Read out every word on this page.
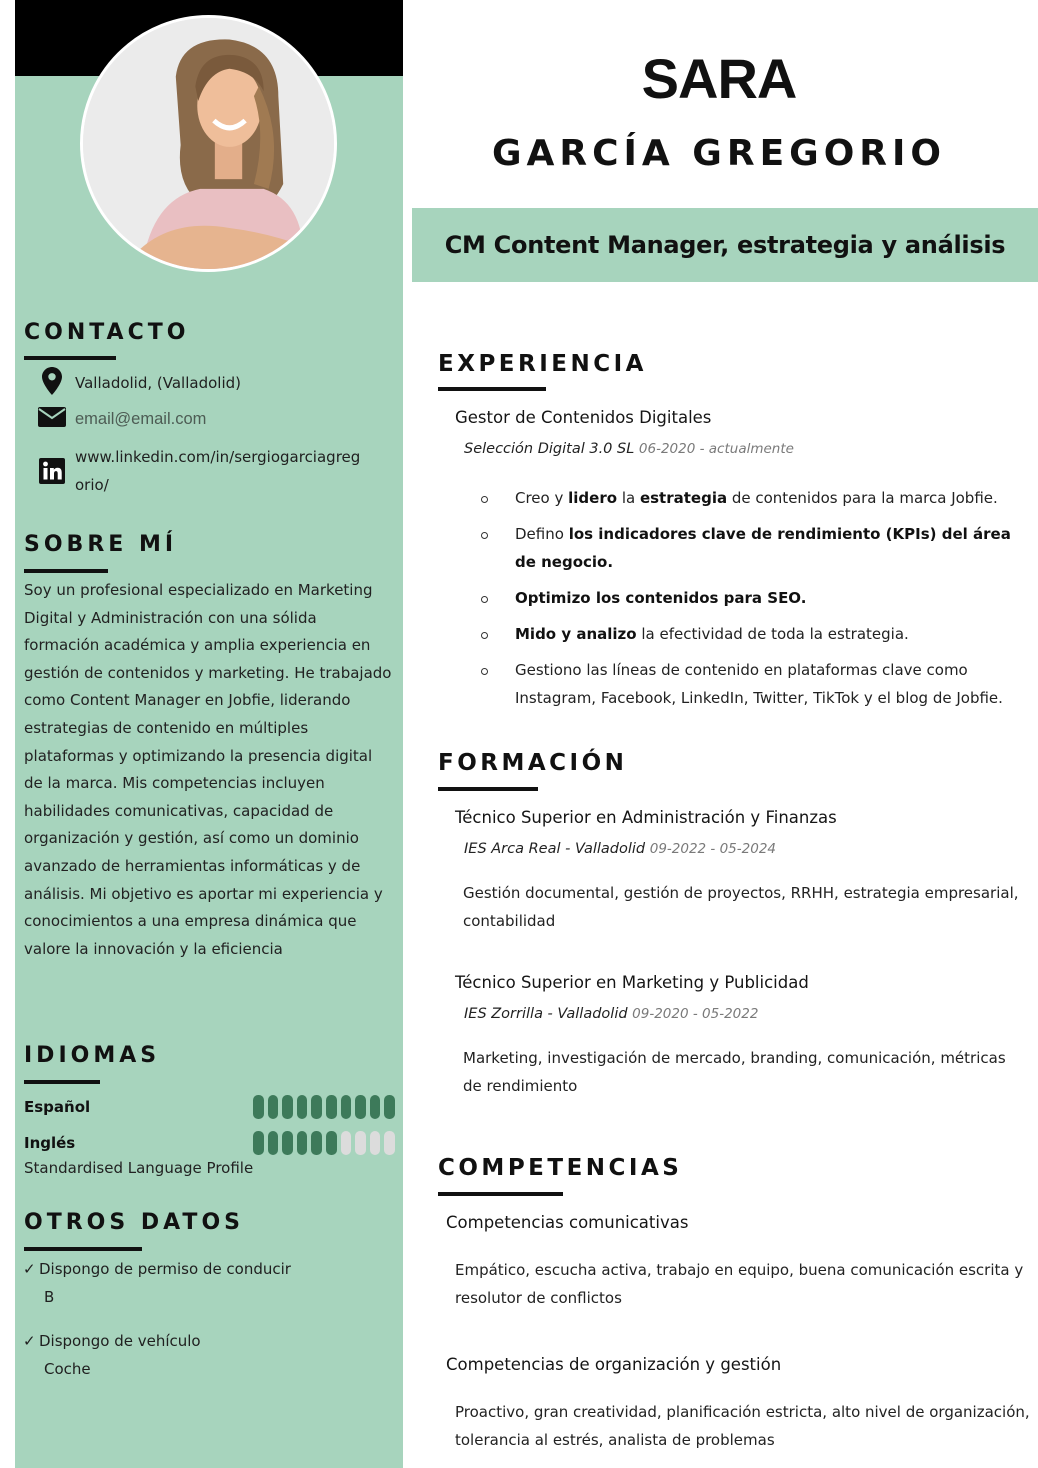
CONTACTO
Valladolid, (Valladolid)
email@email.com
www.linkedin.com/in/sergiogarciagreg
orio/
SOBRE MÍ
Soy un profesional especializado en Marketing Digital y Administración con una sólida formación académica y amplia experiencia en gestión de contenidos y marketing. He trabajado como Content Manager en Jobfie, liderando estrategias de contenido en múltiples plataformas y optimizando la presencia digital de la marca. Mis competencias incluyen habilidades comunicativas, capacidad de organización y gestión, así como un dominio avanzado de herramientas informáticas y de análisis. Mi objetivo es aportar mi experiencia y conocimientos a una empresa dinámica que valore la innovación y la eficiencia
IDIOMAS
Español
Inglés
Standardised Language Profile
OTROS DATOS
✓ Dispongo de permiso de conducir
B
✓ Dispongo de vehículo
Coche
SARA
GARCÍA GREGORIO
CM Content Manager, estrategia y análisis
EXPERIENCIA
Gestor de Contenidos Digitales
Selección Digital 3.0 SL 06-2020 - actualmente
Creo y lidero la estrategia de contenidos para la marca Jobfie.
Defino los indicadores clave de rendimiento (KPIs) del área de negocio.
Optimizo los contenidos para SEO.
Mido y analizo la efectividad de toda la estrategia.
Gestiono las líneas de contenido en plataformas clave como Instagram, Facebook, LinkedIn, Twitter, TikTok y el blog de Jobfie.
FORMACIÓN
Técnico Superior en Administración y Finanzas
IES Arca Real - Valladolid 09-2022 - 05-2024
Gestión documental, gestión de proyectos, RRHH, estrategia empresarial, contabilidad
Técnico Superior en Marketing y Publicidad
IES Zorrilla - Valladolid 09-2020 - 05-2022
Marketing, investigación de mercado, branding, comunicación, métricas de rendimiento
COMPETENCIAS
Competencias comunicativas
Empático, escucha activa, trabajo en equipo, buena comunicación escrita y resolutor de conflictos
Competencias de organización y gestión
Proactivo, gran creatividad, planificación estricta, alto nivel de organización, tolerancia al estrés, analista de problemas
